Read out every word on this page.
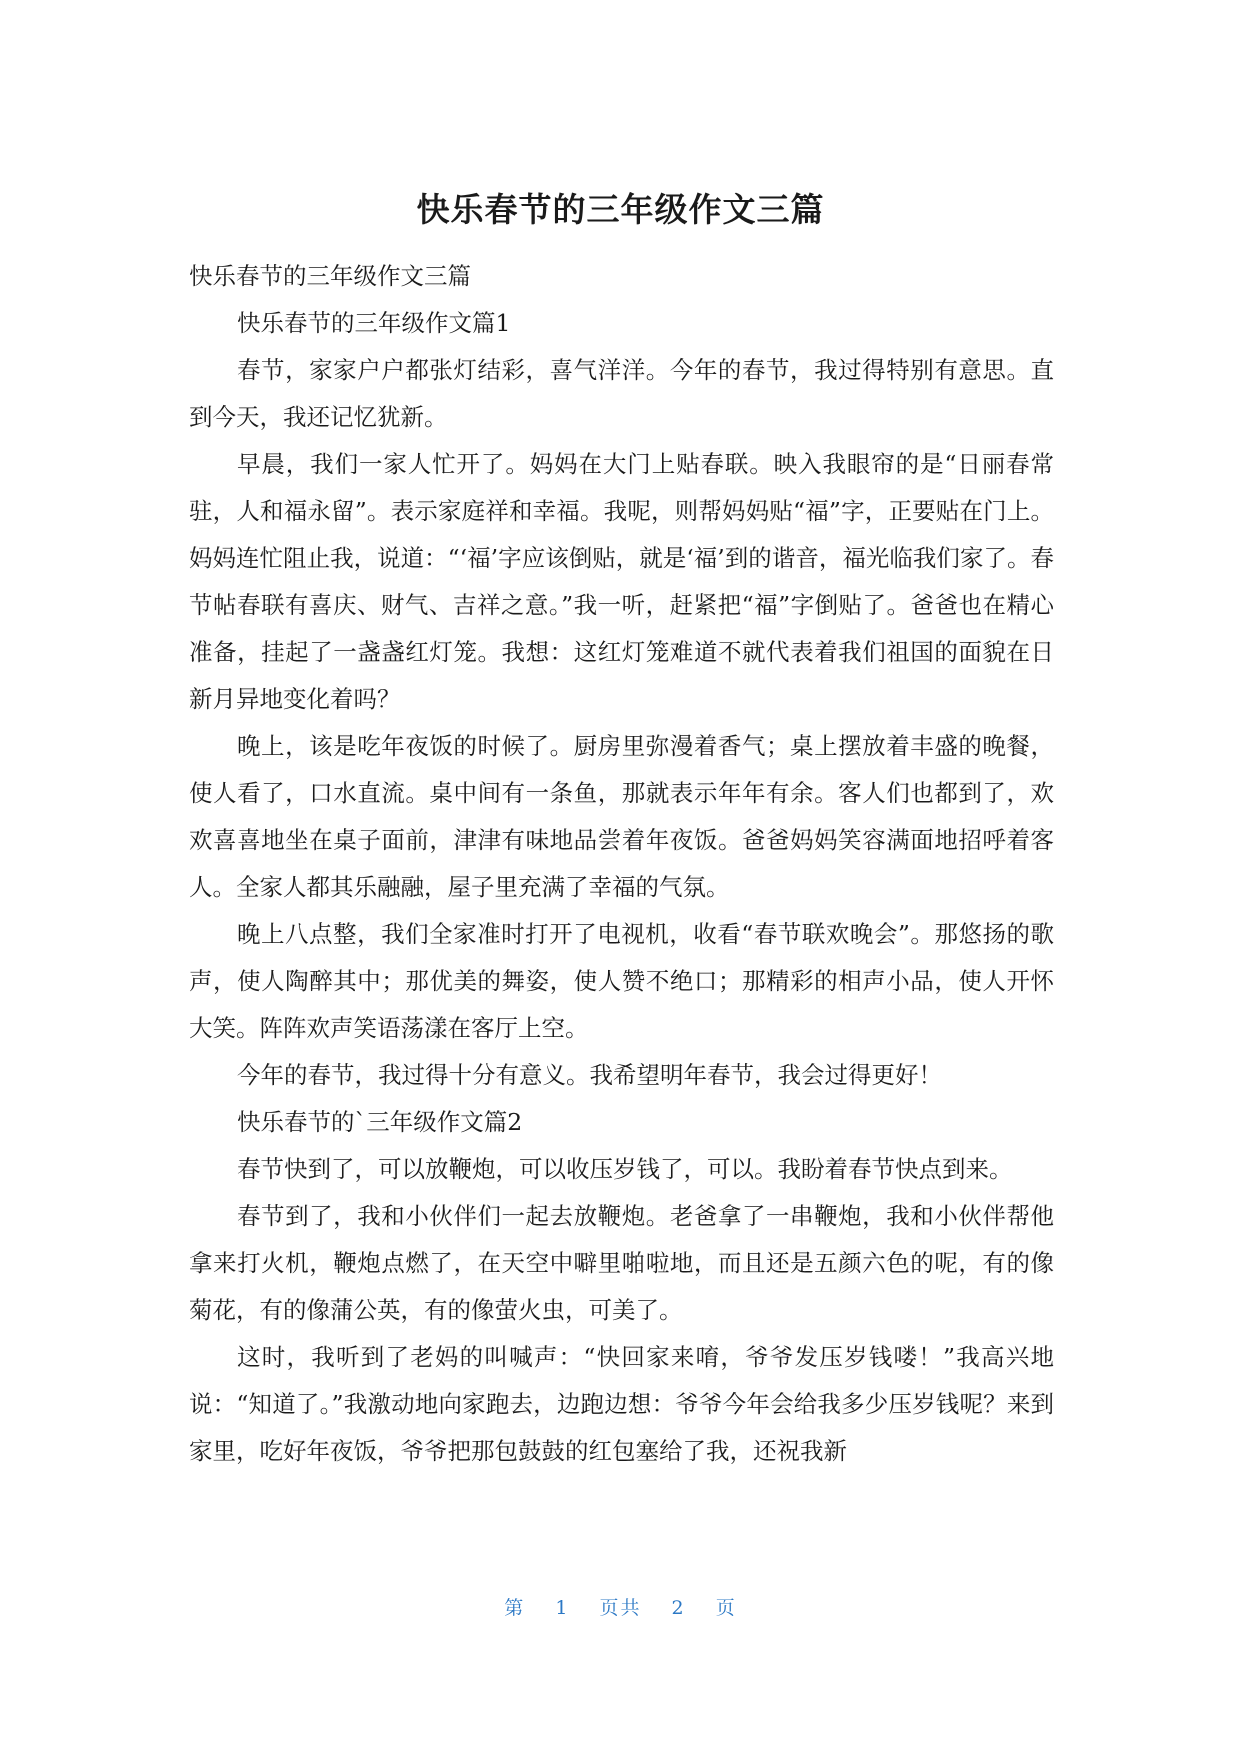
快乐春节的三年级作文三篇

快乐春节的三年级作文三篇

快乐春节的三年级作文篇1

春节，家家户户都张灯结彩，喜气洋洋。今年的春节，我过得特别有意思。直到今天，我还记忆犹新。

早晨，我们一家人忙开了。妈妈在大门上贴春联。映入我眼帘的是“日丽春常驻，人和福永留”。表示家庭祥和幸福。我呢，则帮妈妈贴“福”字，正要贴在门上。妈妈连忙阻止我，说道：“‘福’字应该倒贴，就是‘福’到的谐音，福光临我们家了。春节帖春联有喜庆、财气、吉祥之意。”我一听，赶紧把“福”字倒贴了。爸爸也在精心准备，挂起了一盏盏红灯笼。我想：这红灯笼难道不就代表着我们祖国的面貌在日新月异地变化着吗？

晚上，该是吃年夜饭的时候了。厨房里弥漫着香气；桌上摆放着丰盛的晚餐，使人看了，口水直流。桌中间有一条鱼，那就表示年年有余。客人们也都到了，欢欢喜喜地坐在桌子面前，津津有味地品尝着年夜饭。爸爸妈妈笑容满面地招呼着客人。全家人都其乐融融，屋子里充满了幸福的气氛。

晚上八点整，我们全家准时打开了电视机，收看“春节联欢晚会”。那悠扬的歌声，使人陶醉其中；那优美的舞姿，使人赞不绝口；那精彩的相声小品，使人开怀大笑。阵阵欢声笑语荡漾在客厅上空。

今年的春节，我过得十分有意义。我希望明年春节，我会过得更好！

快乐春节的`三年级作文篇2

春节快到了，可以放鞭炮，可以收压岁钱了，可以。我盼着春节快点到来。

春节到了，我和小伙伴们一起去放鞭炮。老爸拿了一串鞭炮，我和小伙伴帮他拿来打火机，鞭炮点燃了，在天空中噼里啪啦地，而且还是五颜六色的呢，有的像菊花，有的像蒲公英，有的像萤火虫，可美了。

这时，我听到了老妈的叫喊声：“快回家来唷，爷爷发压岁钱喽！”我高兴地说：“知道了。”我激动地向家跑去，边跑边想：爷爷今年会给我多少压岁钱呢？来到家里，吃好年夜饭，爷爷把那包鼓鼓的红包塞给了我，还祝我新

第 1 页共 2 页
